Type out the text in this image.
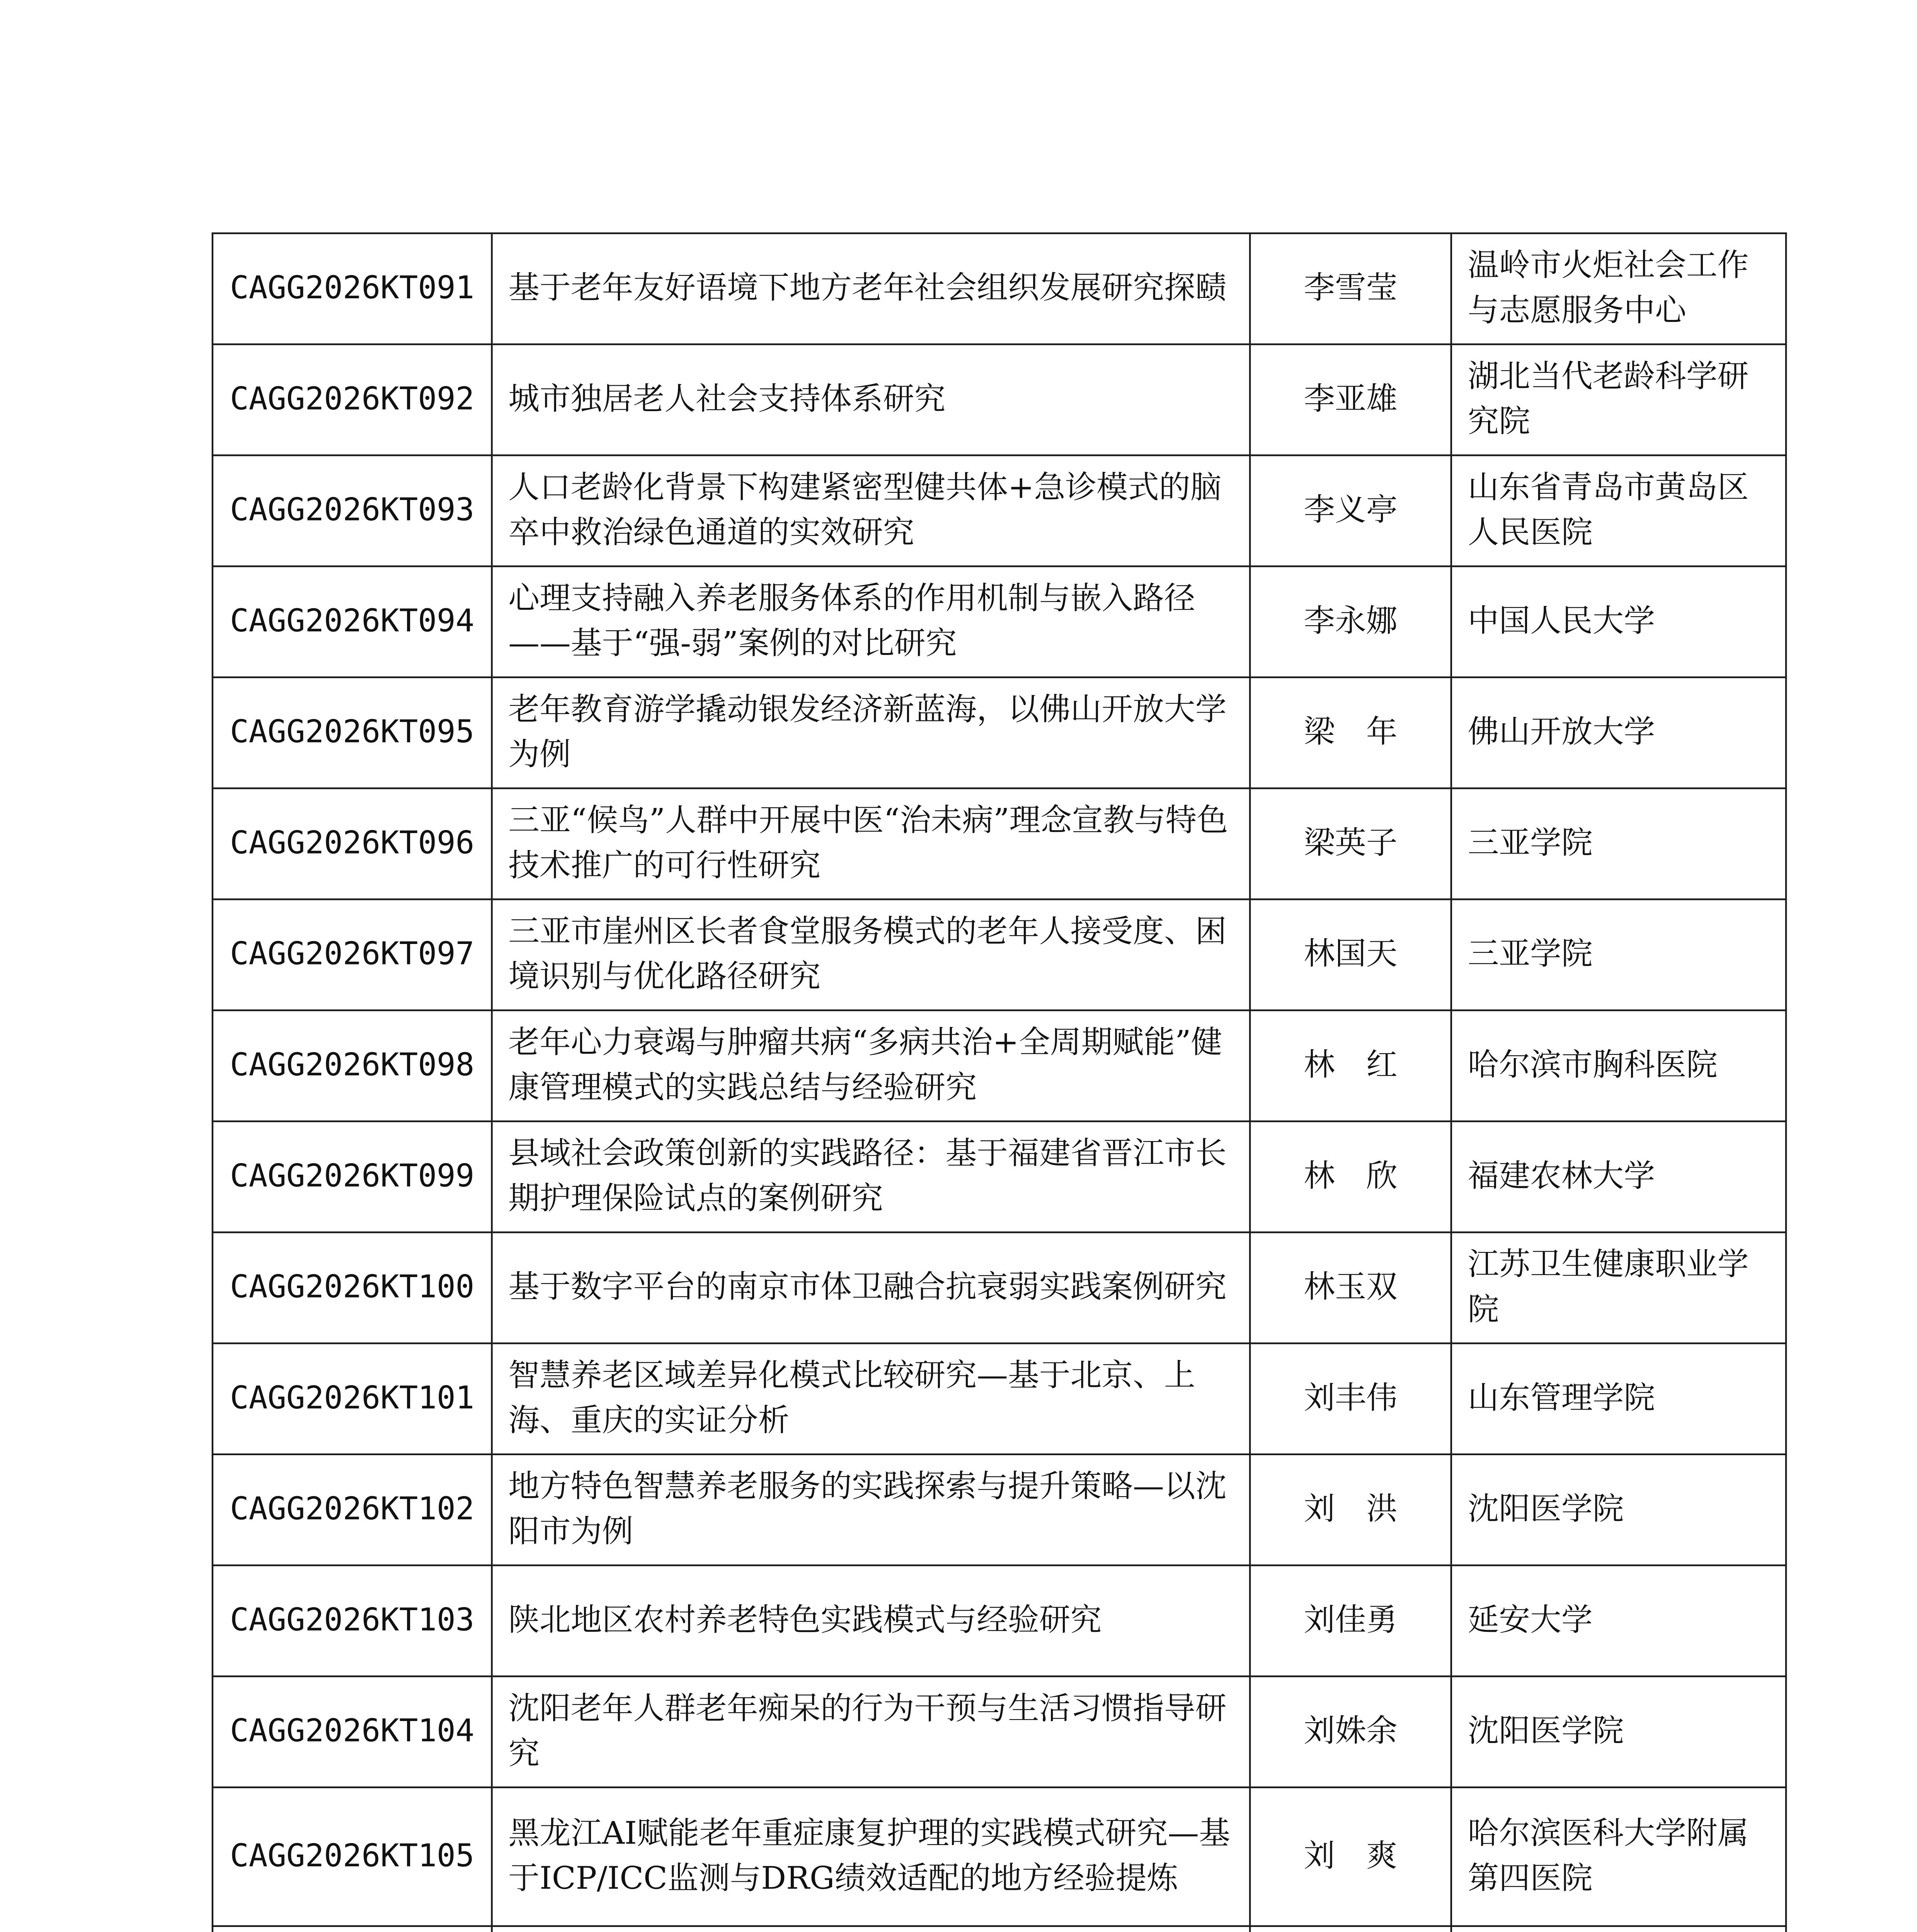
CAGG2026KT091	基于老年友好语境下地方老年社会组织发展研究探赜	李雪莹	温岭市火炬社会工作与志愿服务中心
CAGG2026KT092	城市独居老人社会支持体系研究	李亚雄	湖北当代老龄科学研究院
CAGG2026KT093	人口老龄化背景下构建紧密型健共体+急诊模式的脑卒中救治绿色通道的实效研究	李义亭	山东省青岛市黄岛区人民医院
CAGG2026KT094	心理支持融入养老服务体系的作用机制与嵌入路径——基于“强-弱”案例的对比研究	李永娜	中国人民大学
CAGG2026KT095	老年教育游学撬动银发经济新蓝海，以佛山开放大学为例	梁　年	佛山开放大学
CAGG2026KT096	三亚“候鸟”人群中开展中医“治未病”理念宣教与特色技术推广的可行性研究	梁英子	三亚学院
CAGG2026KT097	三亚市崖州区长者食堂服务模式的老年人接受度、困境识别与优化路径研究	林国天	三亚学院
CAGG2026KT098	老年心力衰竭与肿瘤共病“多病共治+全周期赋能”健康管理模式的实践总结与经验研究	林　红	哈尔滨市胸科医院
CAGG2026KT099	县域社会政策创新的实践路径：基于福建省晋江市长期护理保险试点的案例研究	林　欣	福建农林大学
CAGG2026KT100	基于数字平台的南京市体卫融合抗衰弱实践案例研究	林玉双	江苏卫生健康职业学院
CAGG2026KT101	智慧养老区域差异化模式比较研究—基于北京、上海、重庆的实证分析	刘丰伟	山东管理学院
CAGG2026KT102	地方特色智慧养老服务的实践探索与提升策略—以沈阳市为例	刘　洪	沈阳医学院
CAGG2026KT103	陕北地区农村养老特色实践模式与经验研究	刘佳勇	延安大学
CAGG2026KT104	沈阳老年人群老年痴呆的行为干预与生活习惯指导研究	刘姝余	沈阳医学院
CAGG2026KT105	黑龙江AI赋能老年重症康复护理的实践模式研究—基于ICP/ICC监测与DRG绩效适配的地方经验提炼	刘　爽	哈尔滨医科大学附属第四医院
